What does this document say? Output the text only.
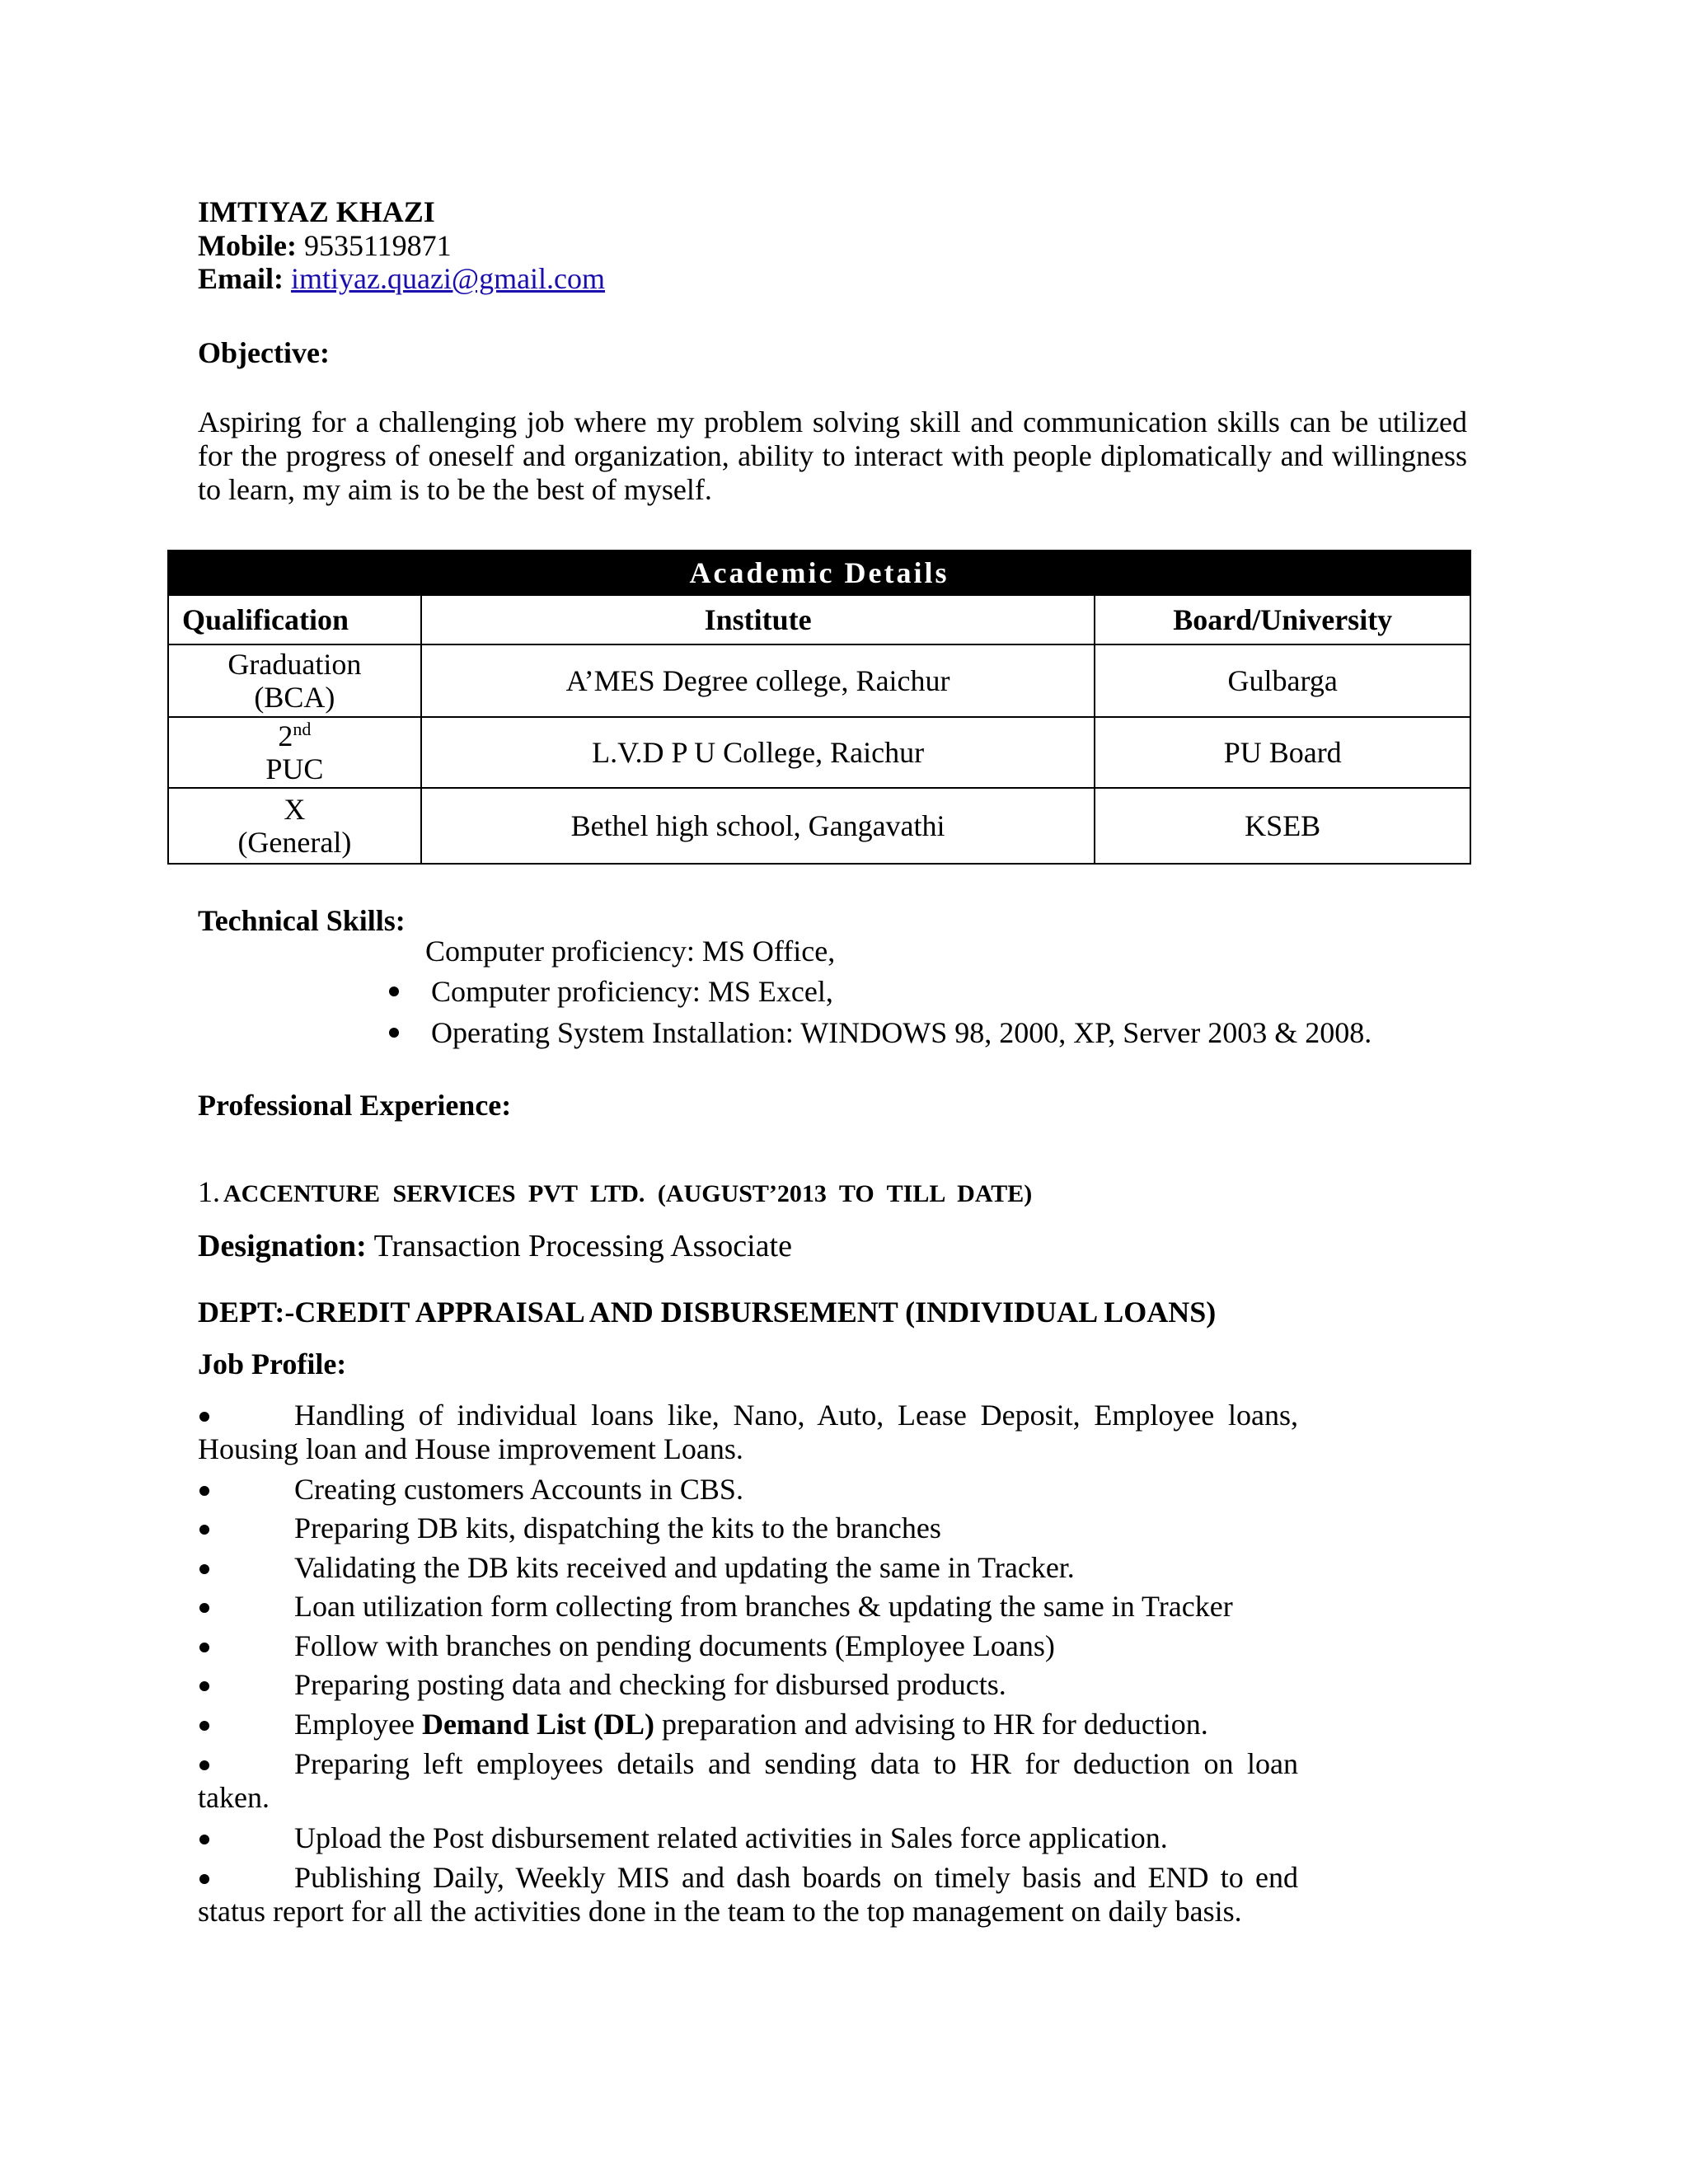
IMTIYAZ KHAZI
Mobile: 9535119871
Email: imtiyaz.quazi@gmail.com
Objective:
Aspiring for a challenging job where my problem solving skill and communication skills can be utilized
for the progress of oneself and organization, ability to interact with people diplomatically and willingness
to learn, my aim is to be the best of myself.
Academic Details		
Qualification	Institute	Board/University

Graduation
(BCA)	A’MES Degree college, Raichur	Gulbarga

2nd
PUC	L.V.D P U College, Raichur	PU Board

X
(General)	Bethel high school, Gangavathi	KSEB
Technical Skills:
Computer proficiency: MS Office,
Computer proficiency: MS Excel,
Operating System Installation: WINDOWS 98, 2000, XP, Server 2003 & 2008.
Professional Experience:
1. ACCENTURE SERVICES PVT LTD. (AUGUST’2013 TO TILL DATE)
Designation: Transaction Processing Associate
DEPT:-CREDIT APPRAISAL AND DISBURSEMENT (INDIVIDUAL LOANS)
Job Profile:
Handling of individual loans like, Nano, Auto, Lease Deposit, Employee loans,
Housing loan and House improvement Loans.
Creating customers Accounts in CBS.
Preparing DB kits, dispatching the kits to the branches
Validating the DB kits received and updating the same in Tracker.
Loan utilization form collecting from branches & updating the same in Tracker
Follow with branches on pending documents (Employee Loans)
Preparing posting data and checking for disbursed products.
Employee Demand List (DL) preparation and advising to HR for deduction.
Preparing left employees details and sending data to HR for deduction on loan
taken.
Upload the Post disbursement related activities in Sales force application.
Publishing Daily, Weekly MIS and dash boards on timely basis and END to end
status report for all the activities done in the team to the top management on daily basis.
